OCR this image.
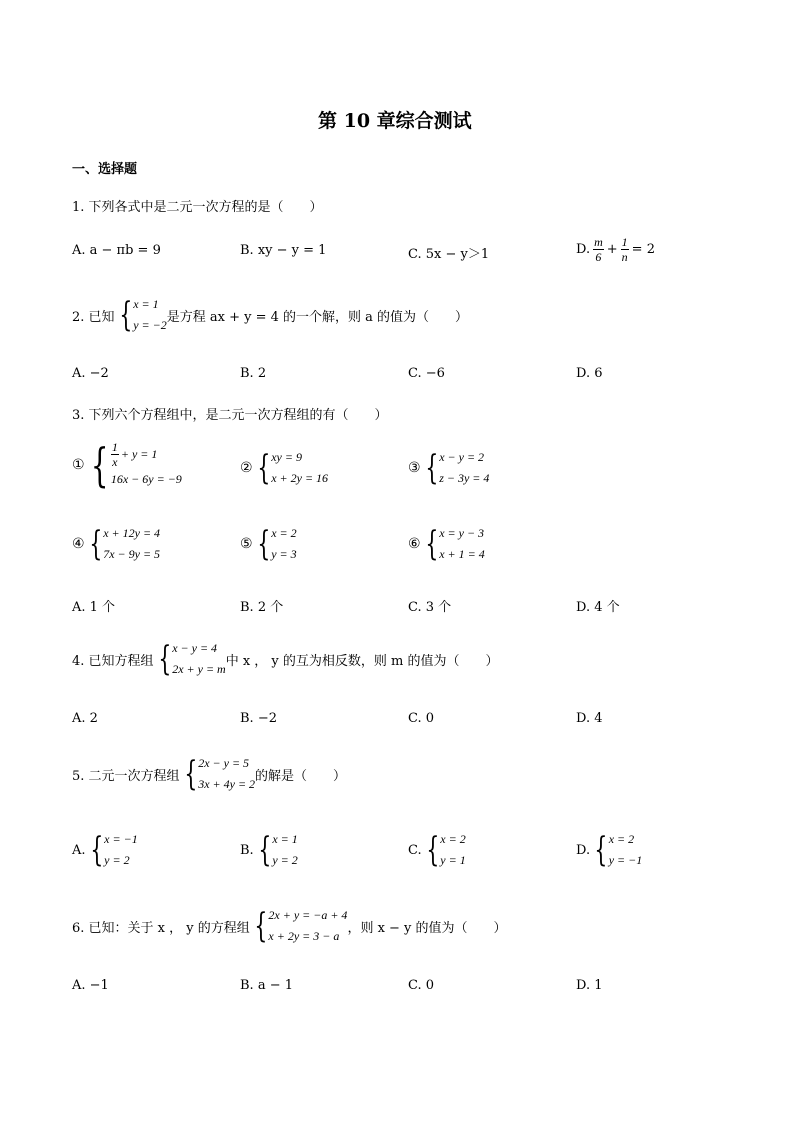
第 10 章综合测试
一、选择题
1. 下列各式中是二元一次方程的是（　　）
A. a − πb = 9	B. xy − y = 1	C. 5x − y＞1	D. $\frac{m}{6} + \frac{1}{n} = 2$
2. 已知 { x = 1
y = −2
是方程 ax + y = 4 的一个解，则 a 的值为（　　）
A. −2	B. 2	C. −6	D. 6
3. 下列六个方程组中，是二元一次方程组的有（　　）
① { $\frac{1}{x} + y = 1$
16x − 6y = −9
② { xy = 9
x + 2y = 16
③ { x − y = 2
z − 3y = 4
④ { x + 12y = 4
7x − 9y = 5
⑤ { x = 2
y = 3
⑥ { x = y − 3
x + 1 = 4
A. 1 个	B. 2 个	C. 3 个	D. 4 个
4. 已知方程组 { x − y = 4
2x + y = m
中 x ， y 的互为相反数，则 m 的值为（　　）
A. 2	B. −2	C. 0	D. 4
5. 二元一次方程组 { 2x − y = 5
3x + 4y = 2
的解是（　　）
A. { x = −1
y = 2
B. { x = 1
y = 2
C. { x = 2
y = 1
D. { x = 2
y = −1
6. 已知：关于 x ， y 的方程组 { 2x + y = −a + 4
x + 2y = 3 − a
，则 x − y 的值为（　　）
A. −1	B. a − 1	C. 0	D. 1
